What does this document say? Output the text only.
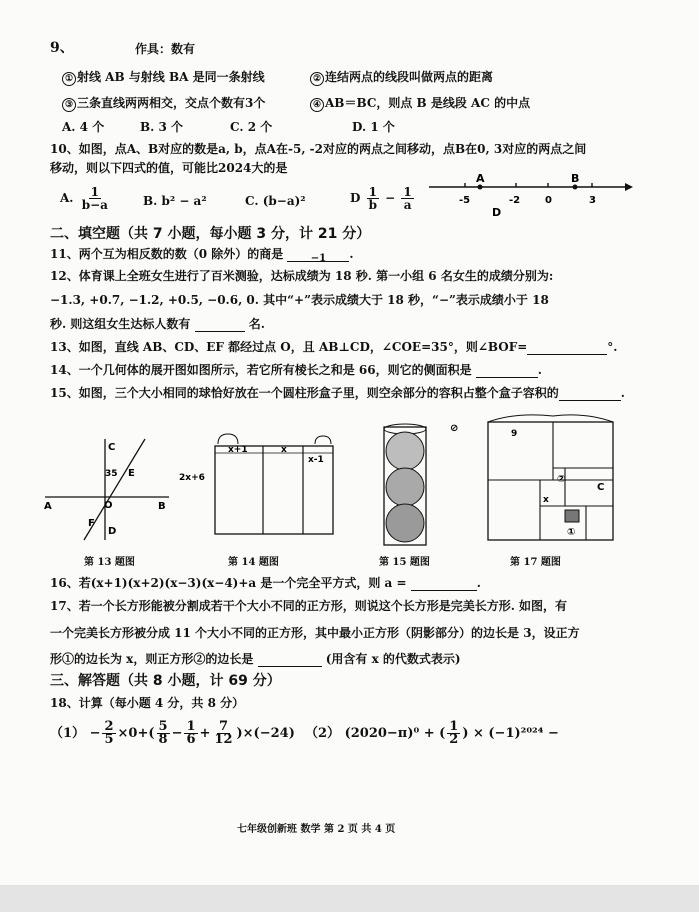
9、	作具：数有
① 射线 AB 与射线 BA 是同一条射线	② 连结两点的线段叫做两点的距离
③ 三条直线两两相交，交点个数有3个	④ AB＝BC，则点 B 是线段 AC 的中点
A. 4 个	B. 3 个	C. 2 个	D. 1 个
10、如图，点A、B对应的数是a, b，点A在-5, -2对应的两点之间移动，点B在0, 3对应的两点之间
移动，则以下四式的值，可能比2024大的是
A. $\frac{1}{b-a}$	B. b² − a²	C. (b−a)²	D $\frac{1}{b} - \frac{1}{a}$
A	B
-5	-2 0	3
D
二、填空题（共 7 小题，每小题 3 分，计 21 分）
11、两个互为相反数的数（0 除外）的商是	−1 .
12、体育课上全班女生进行了百米测验，达标成绩为 18 秒. 第一小组 6 名女生的成绩分别为:
−1.3, +0.7, −1.2, +0.5, −0.6, 0. 其中“+”表示成绩大于 18 秒，“−”表示成绩小于 18
秒. 则这组女生达标人数有	名.
13、如图，直线 AB、CD、EF 都经过点 O，且 AB⊥CD，∠COE=35°，则∠BOF=	°.
14、一个几何体的展开图如图所示，若它所有棱长之和是 66，则它的侧面积是	.
15、如图，三个大小相同的球恰好放在一个圆柱形盒子里，则空余部分的容积占整个盒子容积的	.
C
35 E
A	O	B
F
D
第 13 题图
x+1	x
x-1
2x+6
第 14 题图
⊘
第 15 题图
9
C
②
①
x
第 17 题图
16、若(x+1)(x+2)(x−3)(x−4)+a 是一个完全平方式，则 a =	.
17、若一个长方形能被分割成若干个大小不同的正方形，则说这个长方形是完美长方形. 如图，有
一个完美长方形被分成 11 个大小不同的正方形，其中最小正方形（阴影部分）的边长是 3，设正方
形①的边长为 x，则正方形②的边长是	(用含有 x 的代数式表示)
三、解答题（共 8 小题，计 69 分）
18、计算（每小题 4 分，共 8 分）
$(1) - \frac{2}{5} \times 0+( \frac{5}{8} - \frac{1}{6} + \frac{7}{12} )\times(-24)$ （2） (2020−π)⁰ + ( $\frac{1}{2}$ ) × (−1)²⁰²⁴ −
七年级创新班 数学 第 2 页 共 4 页
